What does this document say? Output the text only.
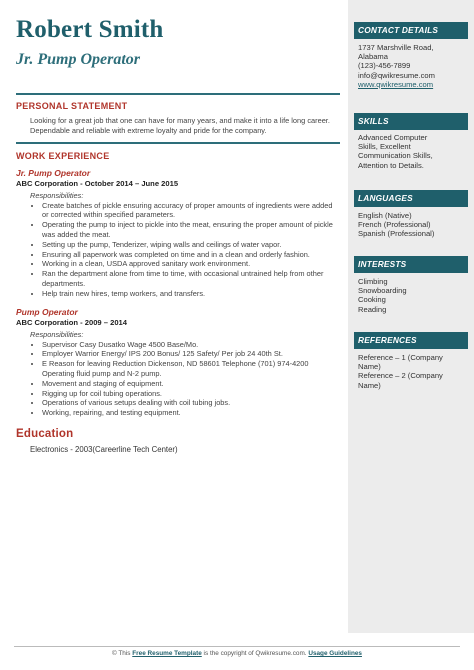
Robert Smith
Jr. Pump Operator
PERSONAL STATEMENT
Looking for a great job that one can have for many years, and make it into a life long career. Dependable and reliable with extreme loyalty and pride for the company.
WORK EXPERIENCE
Jr. Pump Operator
ABC Corporation - October 2014 – June 2015
Responsibilities:
• Create batches of pickle ensuring accuracy of proper amounts of ingredients were added or corrected within specified parameters.
• Operating the pump to inject to pickle into the meat, ensuring the proper amount of pickle was added the meat.
• Setting up the pump, Tenderizer, wiping walls and ceilings of water vapor.
• Ensuring all paperwork was completed on time and in a clean and orderly fashion.
• Working in a clean, USDA approved sanitary work environment.
• Ran the department alone from time to time, with occasional untrained help from other departments.
• Help train new hires, temp workers, and transfers.
Pump Operator
ABC Corporation - 2009 – 2014
Responsibilities:
• Supervisor Casy Dusatko Wage 4500 Base/Mo.
• Employer Warrior Energy/ IPS 200 Bonus/ 125 Safety/ Per job 24 40th St.
• E Reason for leaving Reduction Dickenson, ND 58601 Telephone (701) 974-4200 Operating fluid pump and N-2 pump.
• Movement and staging of equipment.
• Rigging up for coil tubing operations.
• Operations of various setups dealing with coil tubing jobs.
• Working, repairing, and testing equipment.
Education
Electronics - 2003(Careerline Tech Center)
CONTACT DETAILS
1737 Marshville Road,
Alabama
(123)-456-7899
info@qwikresume.com
www.qwikresume.com
SKILLS
Advanced Computer
Skills, Excellent
Communication Skills,
Attention to Details.
LANGUAGES
English (Native)
French (Professional)
Spanish (Professional)
INTERESTS
Climbing
Snowboarding
Cooking
Reading
REFERENCES
Reference – 1 (Company
Name)
Reference – 2 (Company
Name)
© This Free Resume Template is the copyright of Qwikresume.com. Usage Guidelines
